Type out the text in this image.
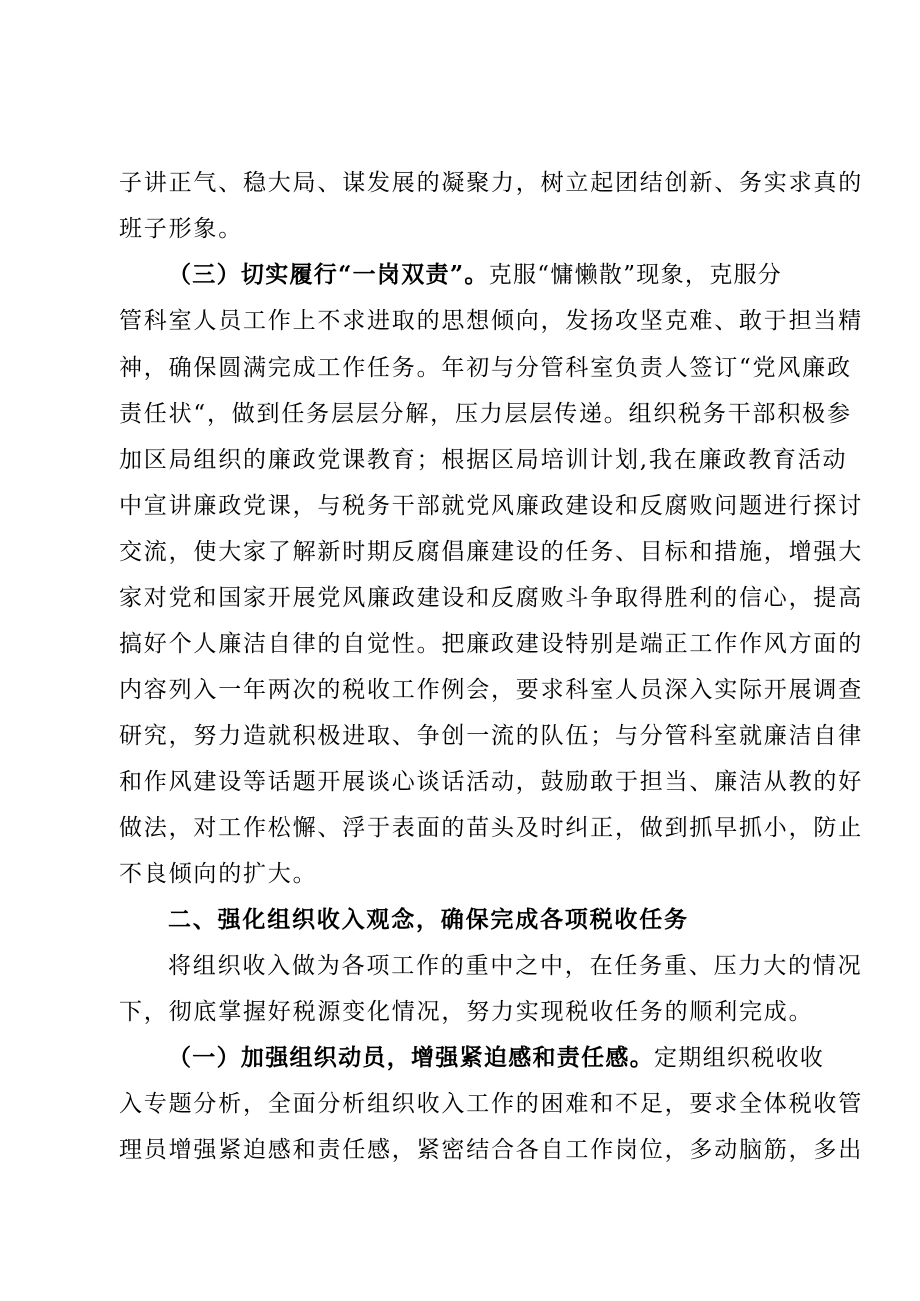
子讲正气、稳大局、谋发展的凝聚力，树立起团结创新、务实求真的
班子形象。
（三）切实履行“一岗双责”。克服“慵懒散”现象，克服分
管科室人员工作上不求进取的思想倾向，发扬攻坚克难、敢于担当精
神，确保圆满完成工作任务。年初与分管科室负责人签订“党风廉政
责任状“，做到任务层层分解，压力层层传递。组织税务干部积极参
加区局组织的廉政党课教育；根据区局培训计划,我在廉政教育活动
中宣讲廉政党课，与税务干部就党风廉政建设和反腐败问题进行探讨
交流，使大家了解新时期反腐倡廉建设的任务、目标和措施，增强大
家对党和国家开展党风廉政建设和反腐败斗争取得胜利的信心，提高
搞好个人廉洁自律的自觉性。把廉政建设特别是端正工作作风方面的
内容列入一年两次的税收工作例会，要求科室人员深入实际开展调查
研究，努力造就积极进取、争创一流的队伍；与分管科室就廉洁自律
和作风建设等话题开展谈心谈话活动，鼓励敢于担当、廉洁从教的好
做法，对工作松懈、浮于表面的苗头及时纠正，做到抓早抓小，防止
不良倾向的扩大。
二、强化组织收入观念，确保完成各项税收任务
将组织收入做为各项工作的重中之中，在任务重、压力大的情况
下，彻底掌握好税源变化情况，努力实现税收任务的顺利完成。
（一）加强组织动员，增强紧迫感和责任感。定期组织税收收
入专题分析，全面分析组织收入工作的困难和不足，要求全体税收管
理员增强紧迫感和责任感，紧密结合各自工作岗位，多动脑筋，多出
